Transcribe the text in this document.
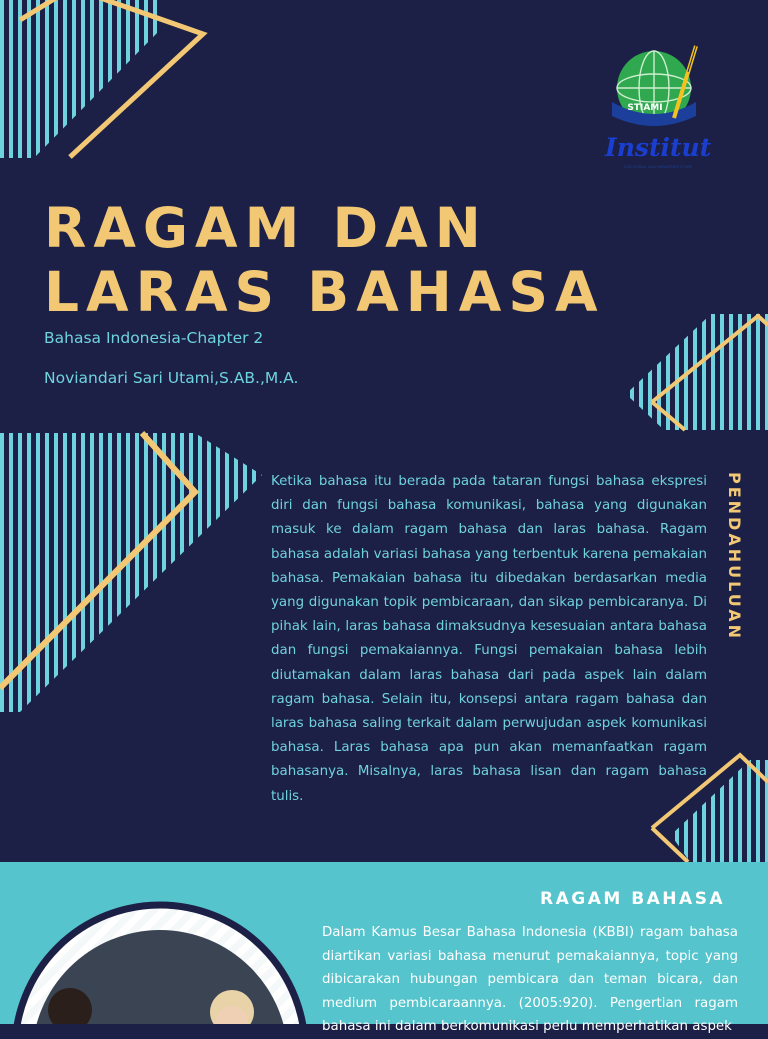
STIAMI
Institut
ILMU SOSIAL DAN MANAJEMEN STIAMI
RAGAM DAN
LARAS BAHASA
Bahasa Indonesia-Chapter 2
Noviandari Sari Utami,S.AB.,M.A.

Ketika bahasa itu berada pada tataran fungsi bahasa ekspresi diri dan fungsi bahasa komunikasi, bahasa yang digunakan masuk ke dalam ragam bahasa dan laras bahasa. Ragam bahasa adalah variasi bahasa yang terbentuk karena pemakaian bahasa. Pemakaian bahasa itu dibedakan berdasarkan media yang digunakan topik pembicaraan, dan sikap pembicaranya. Di pihak lain, laras bahasa dimaksudnya kesesuaian antara bahasa dan fungsi pemakaiannya. Fungsi pemakaian bahasa lebih diutamakan dalam laras bahasa dari pada aspek lain dalam ragam bahasa. Selain itu, konsepsi antara ragam bahasa dan laras bahasa saling terkait dalam perwujudan aspek komunikasi bahasa. Laras bahasa apa pun akan memanfaatkan ragam bahasanya. Misalnya, laras bahasa lisan dan ragam bahasa tulis.

PENDAHULUAN
RAGAM BAHASA

Dalam Kamus Besar Bahasa Indonesia (KBBI) ragam bahasa diartikan variasi bahasa menurut pemakaiannya, topic yang dibicarakan hubungan pembicara dan teman bicara, dan medium pembicaraannya. (2005:920). Pengertian ragam bahasa ini dalam berkomunikasi perlu memperhatikan aspek
